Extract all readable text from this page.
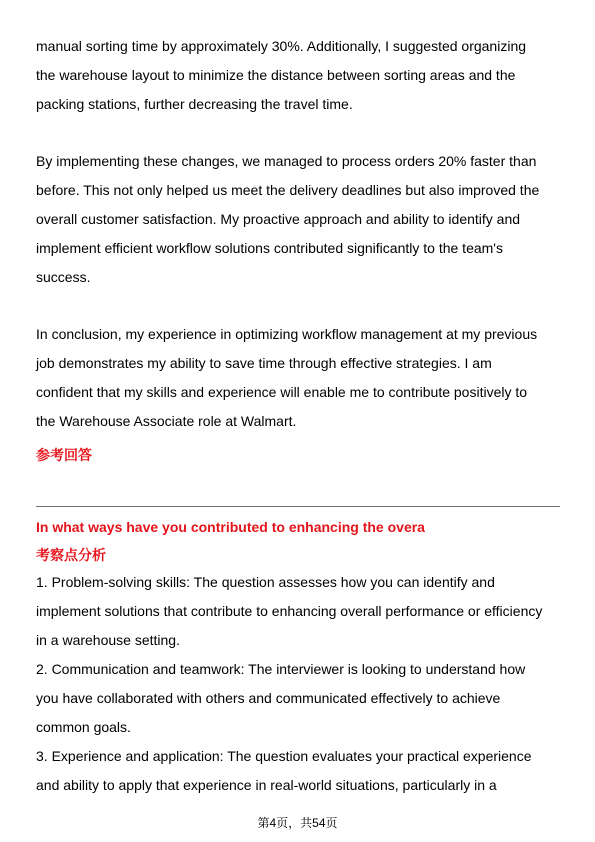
manual sorting time by approximately 30%. Additionally, I suggested organizing
the warehouse layout to minimize the distance between sorting areas and the
packing stations, further decreasing the travel time.
By implementing these changes, we managed to process orders 20% faster than
before. This not only helped us meet the delivery deadlines but also improved the
overall customer satisfaction. My proactive approach and ability to identify and
implement efficient workflow solutions contributed significantly to the team's
success.
In conclusion, my experience in optimizing workflow management at my previous
job demonstrates my ability to save time through effective strategies. I am
confident that my skills and experience will enable me to contribute positively to
the Warehouse Associate role at Walmart.
参考回答
In what ways have you contributed to enhancing the overa
考察点分析
1. Problem-solving skills: The question assesses how you can identify and
implement solutions that contribute to enhancing overall performance or efficiency
in a warehouse setting.
2. Communication and teamwork: The interviewer is looking to understand how
you have collaborated with others and communicated effectively to achieve
common goals.
3. Experience and application: The question evaluates your practical experience
and ability to apply that experience in real-world situations, particularly in a
第4页，共54页
